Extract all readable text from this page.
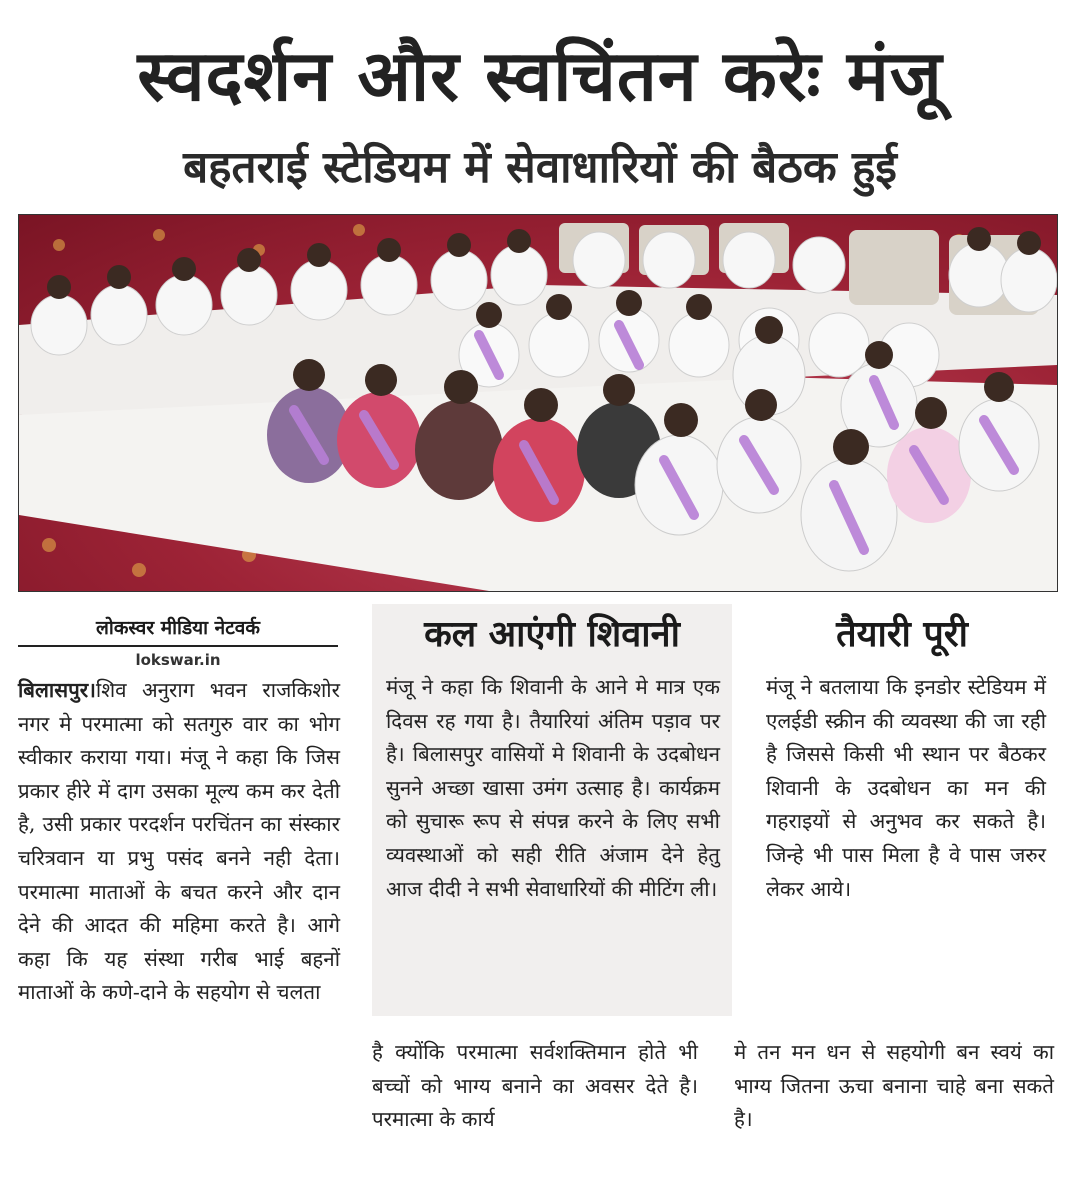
स्वदर्शन और स्वचिंतन करेः मंजू
बहतराई स्टेडियम में सेवाधारियों की बैठक हुई
लोकस्वर मीडिया नेटवर्क
lokswar.in
बिलासपुर।शिव अनुराग भवन राजकिशोर नगर मे परमात्मा को सतगुरु वार का भोग स्वीकार कराया गया। मंजू ने कहा कि जिस प्रकार हीरे में दाग उसका मूल्य कम कर देती है, उसी प्रकार परदर्शन परचिंतन का संस्कार चरित्रवान या प्रभु पसंद बनने नही देता। परमात्मा माताओं के बचत करने और दान देने की आदत की महिमा करते है। आगे कहा कि यह संस्था गरीब भाई बहनों माताओं के कणे-दाने के सहयोग से चलता
कल आएंगी शिवानी
मंजू ने कहा कि शिवानी के आने मे मात्र एक दिवस रह गया है। तैयारियां अंतिम पड़ाव पर है। बिलासपुर वासियों मे शिवानी के उदबोधन सुनने अच्छा खासा उमंग उत्साह है। कार्यक्रम को सुचारू रूप से संपन्न करने के लिए सभी व्यवस्थाओं को सही रीति अंजाम देने हेतु आज दीदी ने सभी सेवाधारियों की मीटिंग ली।
तैयारी पूरी
मंजू ने बतलाया कि इनडोर स्टेडियम में एलईडी स्क्रीन की व्यवस्था की जा रही है जिससे किसी भी स्थान पर बैठकर शिवानी के उदबोधन का मन की गहराइयों से अनुभव कर सकते है। जिन्हे भी पास मिला है वे पास जरुर लेकर आये।
है क्योंकि परमात्मा सर्वशक्तिमान होते भी बच्चों को भाग्य बनाने का अवसर देते है। परमात्मा के कार्य
मे तन मन धन से सहयोगी बन स्वयं का भाग्य जितना ऊचा बनाना चाहे बना सकते है।
